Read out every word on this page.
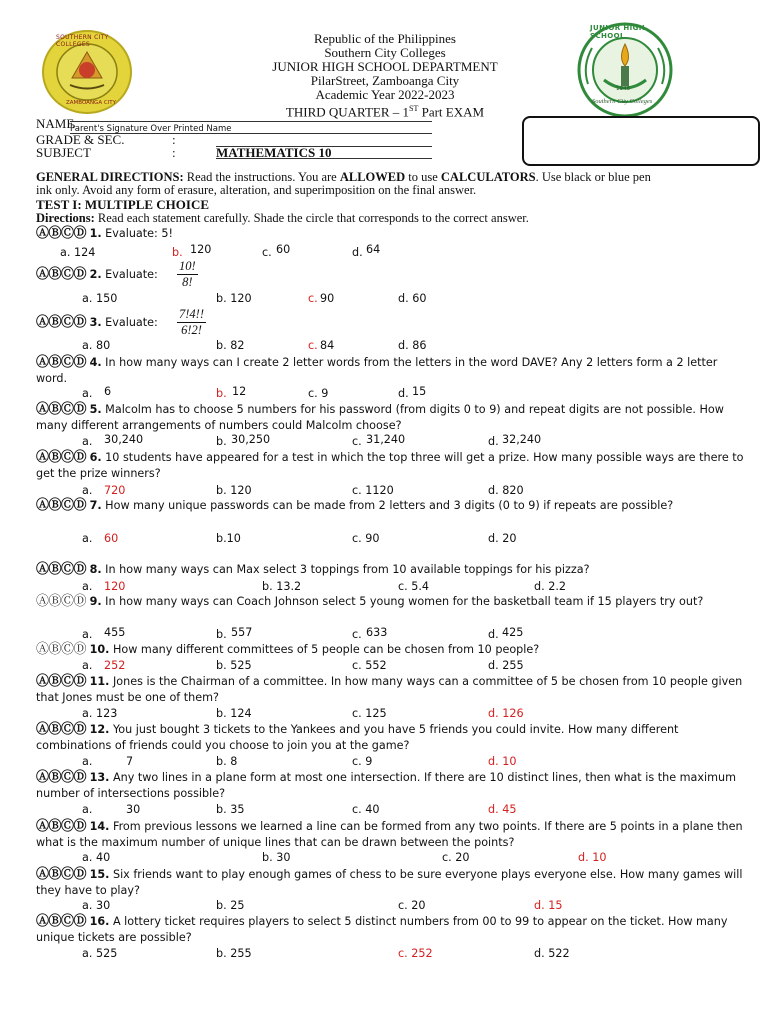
SOUTHERN CITY COLLEGES
ZAMBOANGA CITY
JUNIOR HIGH SCHOOL
1946
Southern City Colleges
Republic of the Philippines
Southern City Colleges
JUNIOR HIGH SCHOOL DEPARTMENT
PilarStreet, Zamboanga City
Academic Year 2022-2023
THIRD QUARTER – 1ST Part EXAM
NAME
Parent's Signature Over Printed Name
GRADE & SEC.	:
SUBJECT	:	MATHEMATICS 10
GENERAL DIRECTIONS: Read the instructions. You are ALLOWED to use CALCULATORS. Use black or blue pen
ink only. Avoid any form of erasure, alteration, and superimposition on the final answer.
TEST I: MULTIPLE CHOICE
Directions: Read each statement carefully. Shade the circle that corresponds to the correct answer.
ⒶⒷⒸⒹ 1. Evaluate: 5!
a. 124	b. 120	c. 60	d. 64
ⒶⒷⒸⒹ 2. Evaluate:	$\frac{10!}{8!}$
a. 150	b. 120	c. 90	d. 60
ⒶⒷⒸⒹ 3. Evaluate:	$\frac{7!4!!}{6!2!}$
a. 80	b. 82	c. 84	d. 86
ⒶⒷⒸⒹ 4. In how many ways can I create 2 letter words from the letters in the word DAVE? Any 2 letters form a 2 letter word.
a. 6	b. 12	c. 9	d. 15
ⒶⒷⒸⒹ 5. Malcolm has to choose 5 numbers for his password (from digits 0 to 9) and repeat digits are not possible. How many different arrangements of numbers could Malcolm choose?
a. 30,240	b. 30,250	c. 31,240	d. 32,240
ⒶⒷⒸⒹ 6. 10 students have appeared for a test in which the top three will get a prize. How many possible ways are there to get the prize winners?
a. 720	b. 120	c. 1120	d. 820
ⒶⒷⒸⒹ 7. How many unique passwords can be made from 2 letters and 3 digits (0 to 9) if repeats are possible?
a. 60	b.10	c. 90	d. 20
ⒶⒷⒸⒹ 8. In how many ways can Max select 3 toppings from 10 available toppings for his pizza?
a. 120	b. 13.2	c. 5.4	d. 2.2
ⒶⒷⒸⒹ 9. In how many ways can Coach Johnson select 5 young women for the basketball team if 15 players try out?
a. 455	b. 557	c. 633	d. 425
ⒶⒷⒸⒹ 10. How many different committees of 5 people can be chosen from 10 people?
a. 252	b. 525	c. 552	d. 255
ⒶⒷⒸⒹ 11. Jones is the Chairman of a committee. In how many ways can a committee of 5 be chosen from 10 people given that Jones must be one of them?
a. 123	b. 124	c. 125	d. 126
ⒶⒷⒸⒹ 12. You just bought 3 tickets to the Yankees and you have 5 friends you could invite. How many different combinations of friends could you choose to join you at the game?
a.	7	b. 8	c. 9	d. 10
ⒶⒷⒸⒹ 13. Any two lines in a plane form at most one intersection. If there are 10 distinct lines, then what is the maximum number of intersections possible?
a.	30	b. 35	c. 40	d. 45
ⒶⒷⒸⒹ 14. From previous lessons we learned a line can be formed from any two points. If there are 5 points in a plane then what is the maximum number of unique lines that can be drawn between the points?
a. 40	b. 30	c. 20	d. 10
ⒶⒷⒸⒹ 15. Six friends want to play enough games of chess to be sure everyone plays everyone else. How many games will they have to play?
a. 30	b. 25	c. 20	d. 15
ⒶⒷⒸⒹ 16. A lottery ticket requires players to select 5 distinct numbers from 00 to 99 to appear on the ticket. How many unique tickets are possible?
a. 525	b. 255	c. 252	d. 522
